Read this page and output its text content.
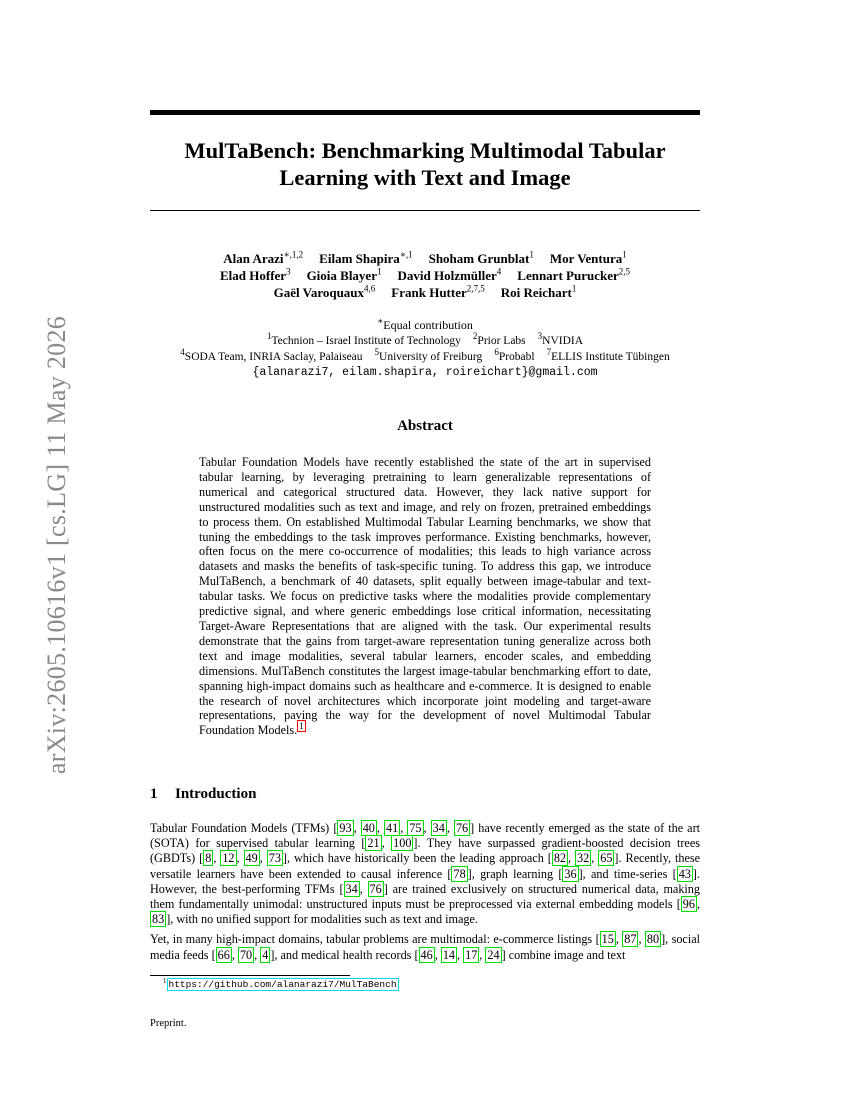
arXiv:2605.10616v1 [cs.LG] 11 May 2026
MulTaBench: Benchmarking Multimodal Tabular Learning with Text and Image
Alan Arazi$^{∗,1,2}$ Eilam Shapira$^{∗,1}$ Shoham Grunblat$^1$ Mor Ventura$^1$
Elad Hoffer$^3$ Gioia Blayer$^1$ David Holzmüller$^4$ Lennart Purucker$^{2,5}$
Gaël Varoquaux$^{4,6}$ Frank Hutter$^{2,7,5}$ Roi Reichart$^1$
∗Equal contribution
$^1$Technion – Israel Institute of Technology $^2$Prior Labs $^3$NVIDIA
$^4$SODA Team, INRIA Saclay, Palaiseau $^5$University of Freiburg $^6$Probabl $^7$ELLIS Institute Tübingen
{alanarazi7, eilam.shapira, roireichart}@gmail.com
Abstract

Tabular Foundation Models have recently established the state of the art in supervised tabular learning, by leveraging pretraining to learn generalizable representations of numerical and categorical structured data. However, they lack native support for unstructured modalities such as text and image, and rely on frozen, pretrained embeddings to process them. On established Multimodal Tabular Learning benchmarks, we show that tuning the embeddings to the task improves performance. Existing benchmarks, however, often focus on the mere co-occurrence of modalities; this leads to high variance across datasets and masks the benefits of task-specific tuning. To address this gap, we introduce MulTaBench, a benchmark of 40 datasets, split equally between image-tabular and text-tabular tasks. We focus on predictive tasks where the modalities provide complementary predictive signal, and where generic embeddings lose critical information, necessitating Target-Aware Representations that are aligned with the task. Our experimental results demonstrate that the gains from target-aware representation tuning generalize across both text and image modalities, several tabular learners, encoder scales, and embedding dimensions. MulTaBench constitutes the largest image-tabular benchmarking effort to date, spanning high-impact domains such as healthcare and e-commerce. It is designed to enable the research of novel architectures which incorporate joint modeling and target-aware representations, paving the way for the development of novel Multimodal Tabular Foundation Models. $^1$

1 Introduction

Tabular Foundation Models (TFMs) [ 93 , 40 , 41 , 75 , 34 , 76 ] have recently emerged as the state of the art (SOTA) for supervised tabular learning [ 21 , 100 ]. They have surpassed gradient-boosted decision trees (GBDTs) [ 8 , 12 , 49 , 73 ], which have historically been the leading approach [ 82 , 32 , 65 ]. Recently, these versatile learners have been extended to causal inference [ 78 ], graph learning [ 36 ], and time-series [ 43 ]. However, the best-performing TFMs [ 34 , 76 ] are trained exclusively on structured numerical data, making them fundamentally unimodal: unstructured inputs must be preprocessed via external embedding models [ 96 , 83 ], with no unified support for modalities such as text and image.

Yet, in many high-impact domains, tabular problems are multimodal: e-commerce listings [ 15 , 87 , 80 ], social media feeds [ 66 , 70 , 4 ], and medical health records [ 46 , 14 , 17 , 24 ] combine image and text

$^1$ https://github.com/alanarazi7/MulTaBench
Preprint.
